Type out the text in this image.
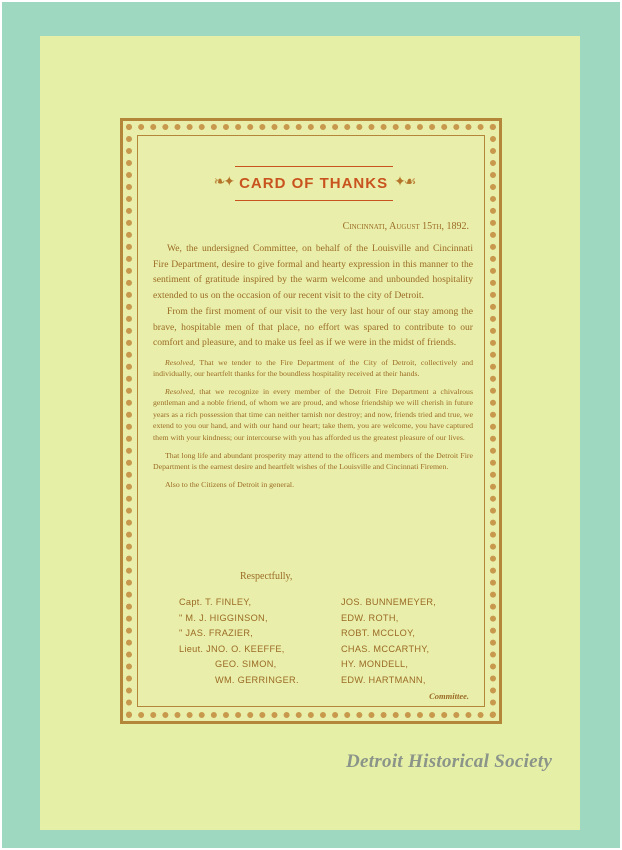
❧✦ CARD OF THANKS ✦☙
Cincinnati, August 15th, 1892.

We, the undersigned Committee, on behalf of the Louisville and Cincinnati Fire Department, desire to give formal and hearty expression in this manner to the sentiment of gratitude inspired by the warm welcome and unbounded hospitality extended to us on the occasion of our recent visit to the city of Detroit.

From the first moment of our visit to the very last hour of our stay among the brave, hospitable men of that place, no effort was spared to contribute to our comfort and pleasure, and to make us feel as if we were in the midst of friends.

Resolved, That we tender to the Fire Department of the City of Detroit, collectively and individually, our heartfelt thanks for the boundless hospitality received at their hands.

Resolved, that we recognize in every member of the Detroit Fire Department a chivalrous gentleman and a noble friend, of whom we are proud, and whose friendship we will cherish in future years as a rich possession that time can neither tarnish nor destroy; and now, friends tried and true, we extend to you our hand, and with our hand our heart; take them, you are welcome, you have captured them with your kindness; our intercourse with you has afforded us the greatest pleasure of our lives.

That long life and abundant prosperity may attend to the officers and members of the Detroit Fire Department is the earnest desire and heartfelt wishes of the Louisville and Cincinnati Firemen.

Also to the Citizens of Detroit in general.

Respectfully,
Capt. T. FINLEY,
" M. J. HIGGINSON,
" JAS. FRAZIER,
Lieut. JNO. O. KEEFFE,
GEO. SIMON,
WM. GERRINGER.
JOS. BUNNEMEYER,
EDW. ROTH,
ROBT. MCCLOY,
CHAS. MCCARTHY,
HY. MONDELL,
EDW. HARTMANN,
Committee.
Detroit Historical Society
